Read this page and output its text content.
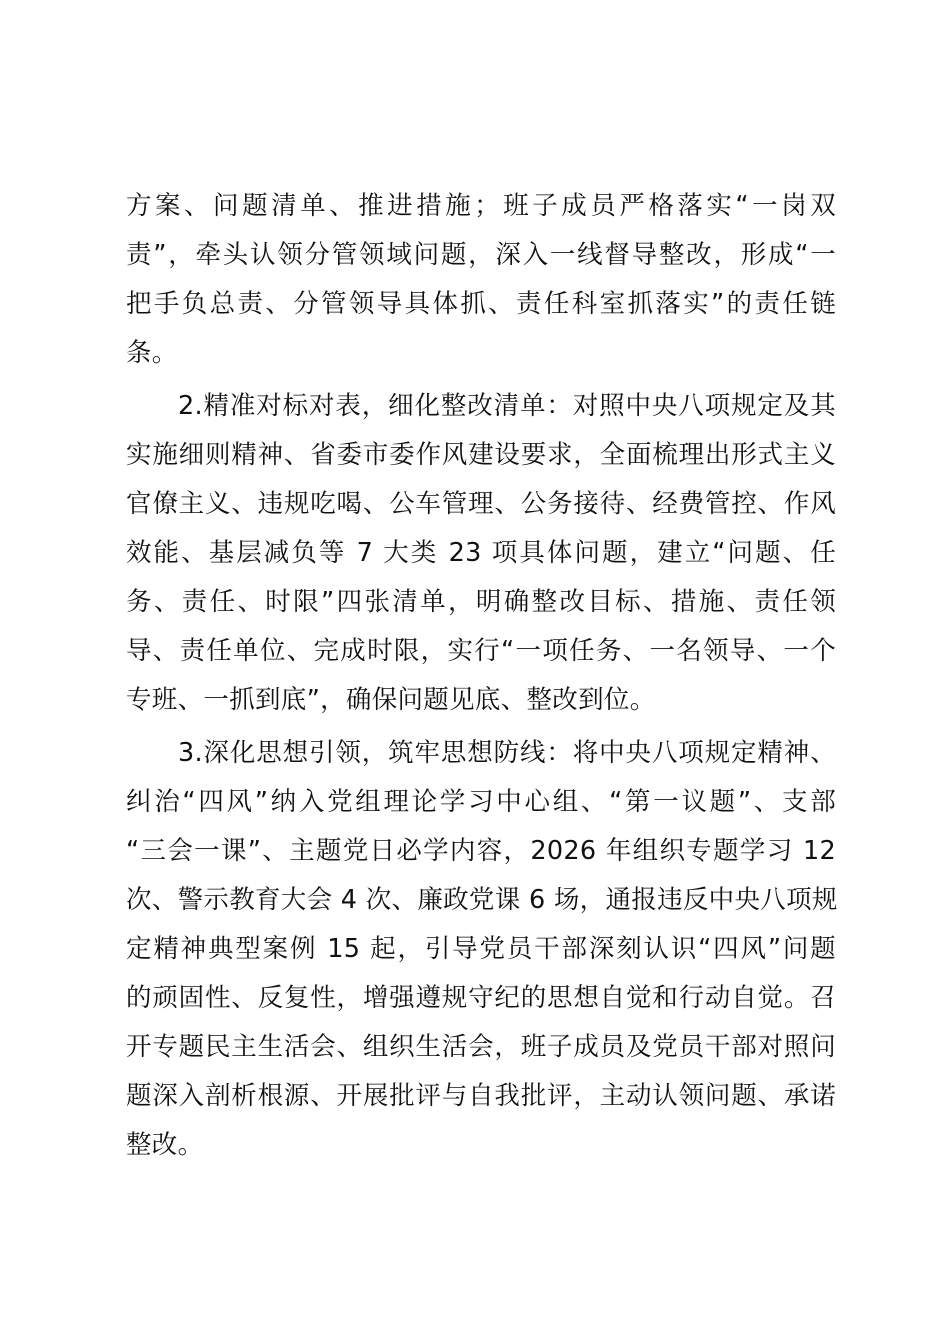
方案、问题清单、推进措施；班子成员严格落实“一岗双
责”，牵头认领分管领域问题，深入一线督导整改，形成“一
把手负总责、分管领导具体抓、责任科室抓落实”的责任链
条。
2.精准对标对表，细化整改清单：对照中央八项规定及其
实施细则精神、省委市委作风建设要求，全面梳理出形式主义
官僚主义、违规吃喝、公车管理、公务接待、经费管控、作风
效能、基层减负等 7 大类 23 项具体问题，建立“问题、任
务、责任、时限”四张清单，明确整改目标、措施、责任领
导、责任单位、完成时限，实行“一项任务、一名领导、一个
专班、一抓到底”，确保问题见底、整改到位。
3.深化思想引领，筑牢思想防线：将中央八项规定精神、
纠治“四风”纳入党组理论学习中心组、“第一议题”、支部
“三会一课”、主题党日必学内容，2026 年组织专题学习 12
次、警示教育大会 4 次、廉政党课 6 场，通报违反中央八项规
定精神典型案例 15 起，引导党员干部深刻认识“四风”问题
的顽固性、反复性，增强遵规守纪的思想自觉和行动自觉。召
开专题民主生活会、组织生活会，班子成员及党员干部对照问
题深入剖析根源、开展批评与自我批评，主动认领问题、承诺
整改。
